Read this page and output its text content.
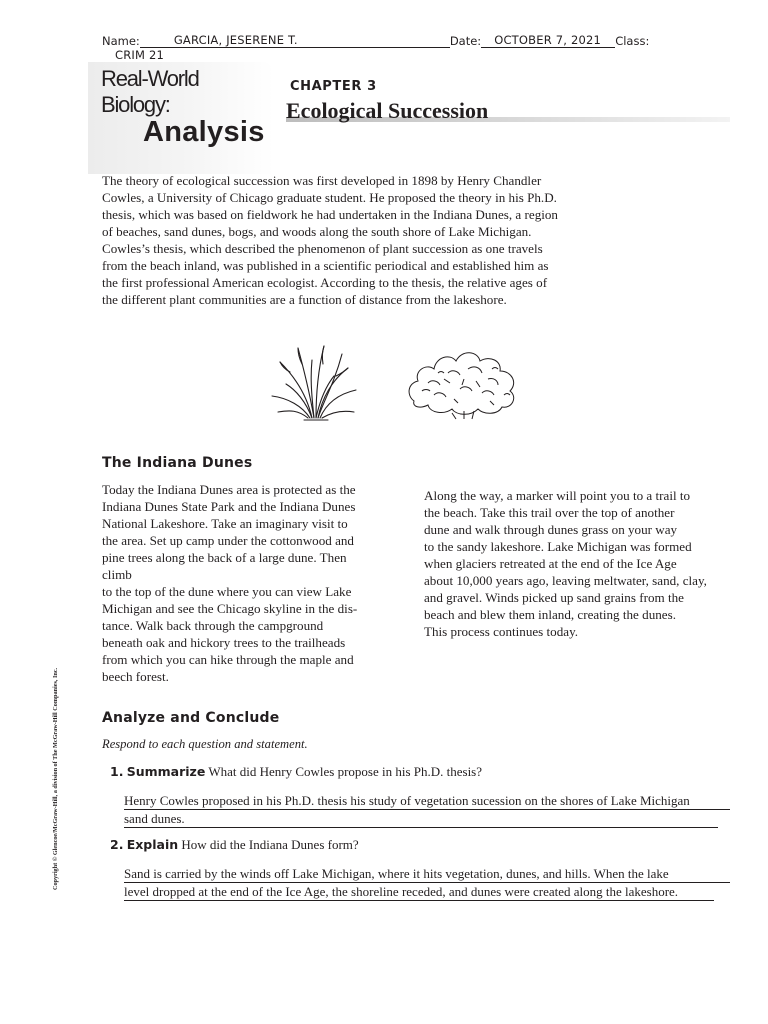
Name:	GARCIA, JESERENE T.	Date: OCTOBER 7, 2021 Class:CRIM 21
Real-World
Biology:
Analysis
CHAPTER 3
Ecological Succession
The theory of ecological succession was first developed in 1898 by Henry Chandler
Cowles, a University of Chicago graduate student. He proposed the theory in his Ph.D.
thesis, which was based on fieldwork he had undertaken in the Indiana Dunes, a region
of beaches, sand dunes, bogs, and woods along the south shore of Lake Michigan.
Cowles’s thesis, which described the phenomenon of plant succession as one travels
from the beach inland, was published in a scientific periodical and established him as
the first professional American ecologist. According to the thesis, the relative ages of
the different plant communities are a function of distance from the lakeshore.
The Indiana Dunes
Today the Indiana Dunes area is protected as the
Indiana Dunes State Park and the Indiana Dunes
National Lakeshore. Take an imaginary visit to
the area. Set up camp under the cottonwood and
pine trees along the back of a large dune. Then
climb
to the top of the dune where you can view Lake
Michigan and see the Chicago skyline in the dis-
tance. Walk back through the campground
beneath oak and hickory trees to the trailheads
from which you can hike through the maple and
beech forest.
Along the way, a marker will point you to a trail to
the beach. Take this trail over the top of another
dune and walk through dunes grass on your way
to the sandy lakeshore. Lake Michigan was formed
when glaciers retreated at the end of the Ice Age
about 10,000 years ago, leaving meltwater, sand, clay,
and gravel. Winds picked up sand grains from the
beach and blew them inland, creating the dunes.
This process continues today.
Analyze and Conclude
Respond to each question and statement.
1. Summarize What did Henry Cowles propose in his Ph.D. thesis?
Henry Cowles proposed in his Ph.D. thesis his study of vegetation sucession on the shores of Lake Michigan
sand dunes.
2. Explain How did the Indiana Dunes form?
Sand is carried by the winds off Lake Michigan, where it hits vegetation, dunes, and hills. When the lake
level dropped at the end of the Ice Age, the shoreline receded, and dunes were created along the lakeshore.
Copyright © Glencoe/McGraw-Hill, a division of The McGraw-Hill Companies, Inc.
